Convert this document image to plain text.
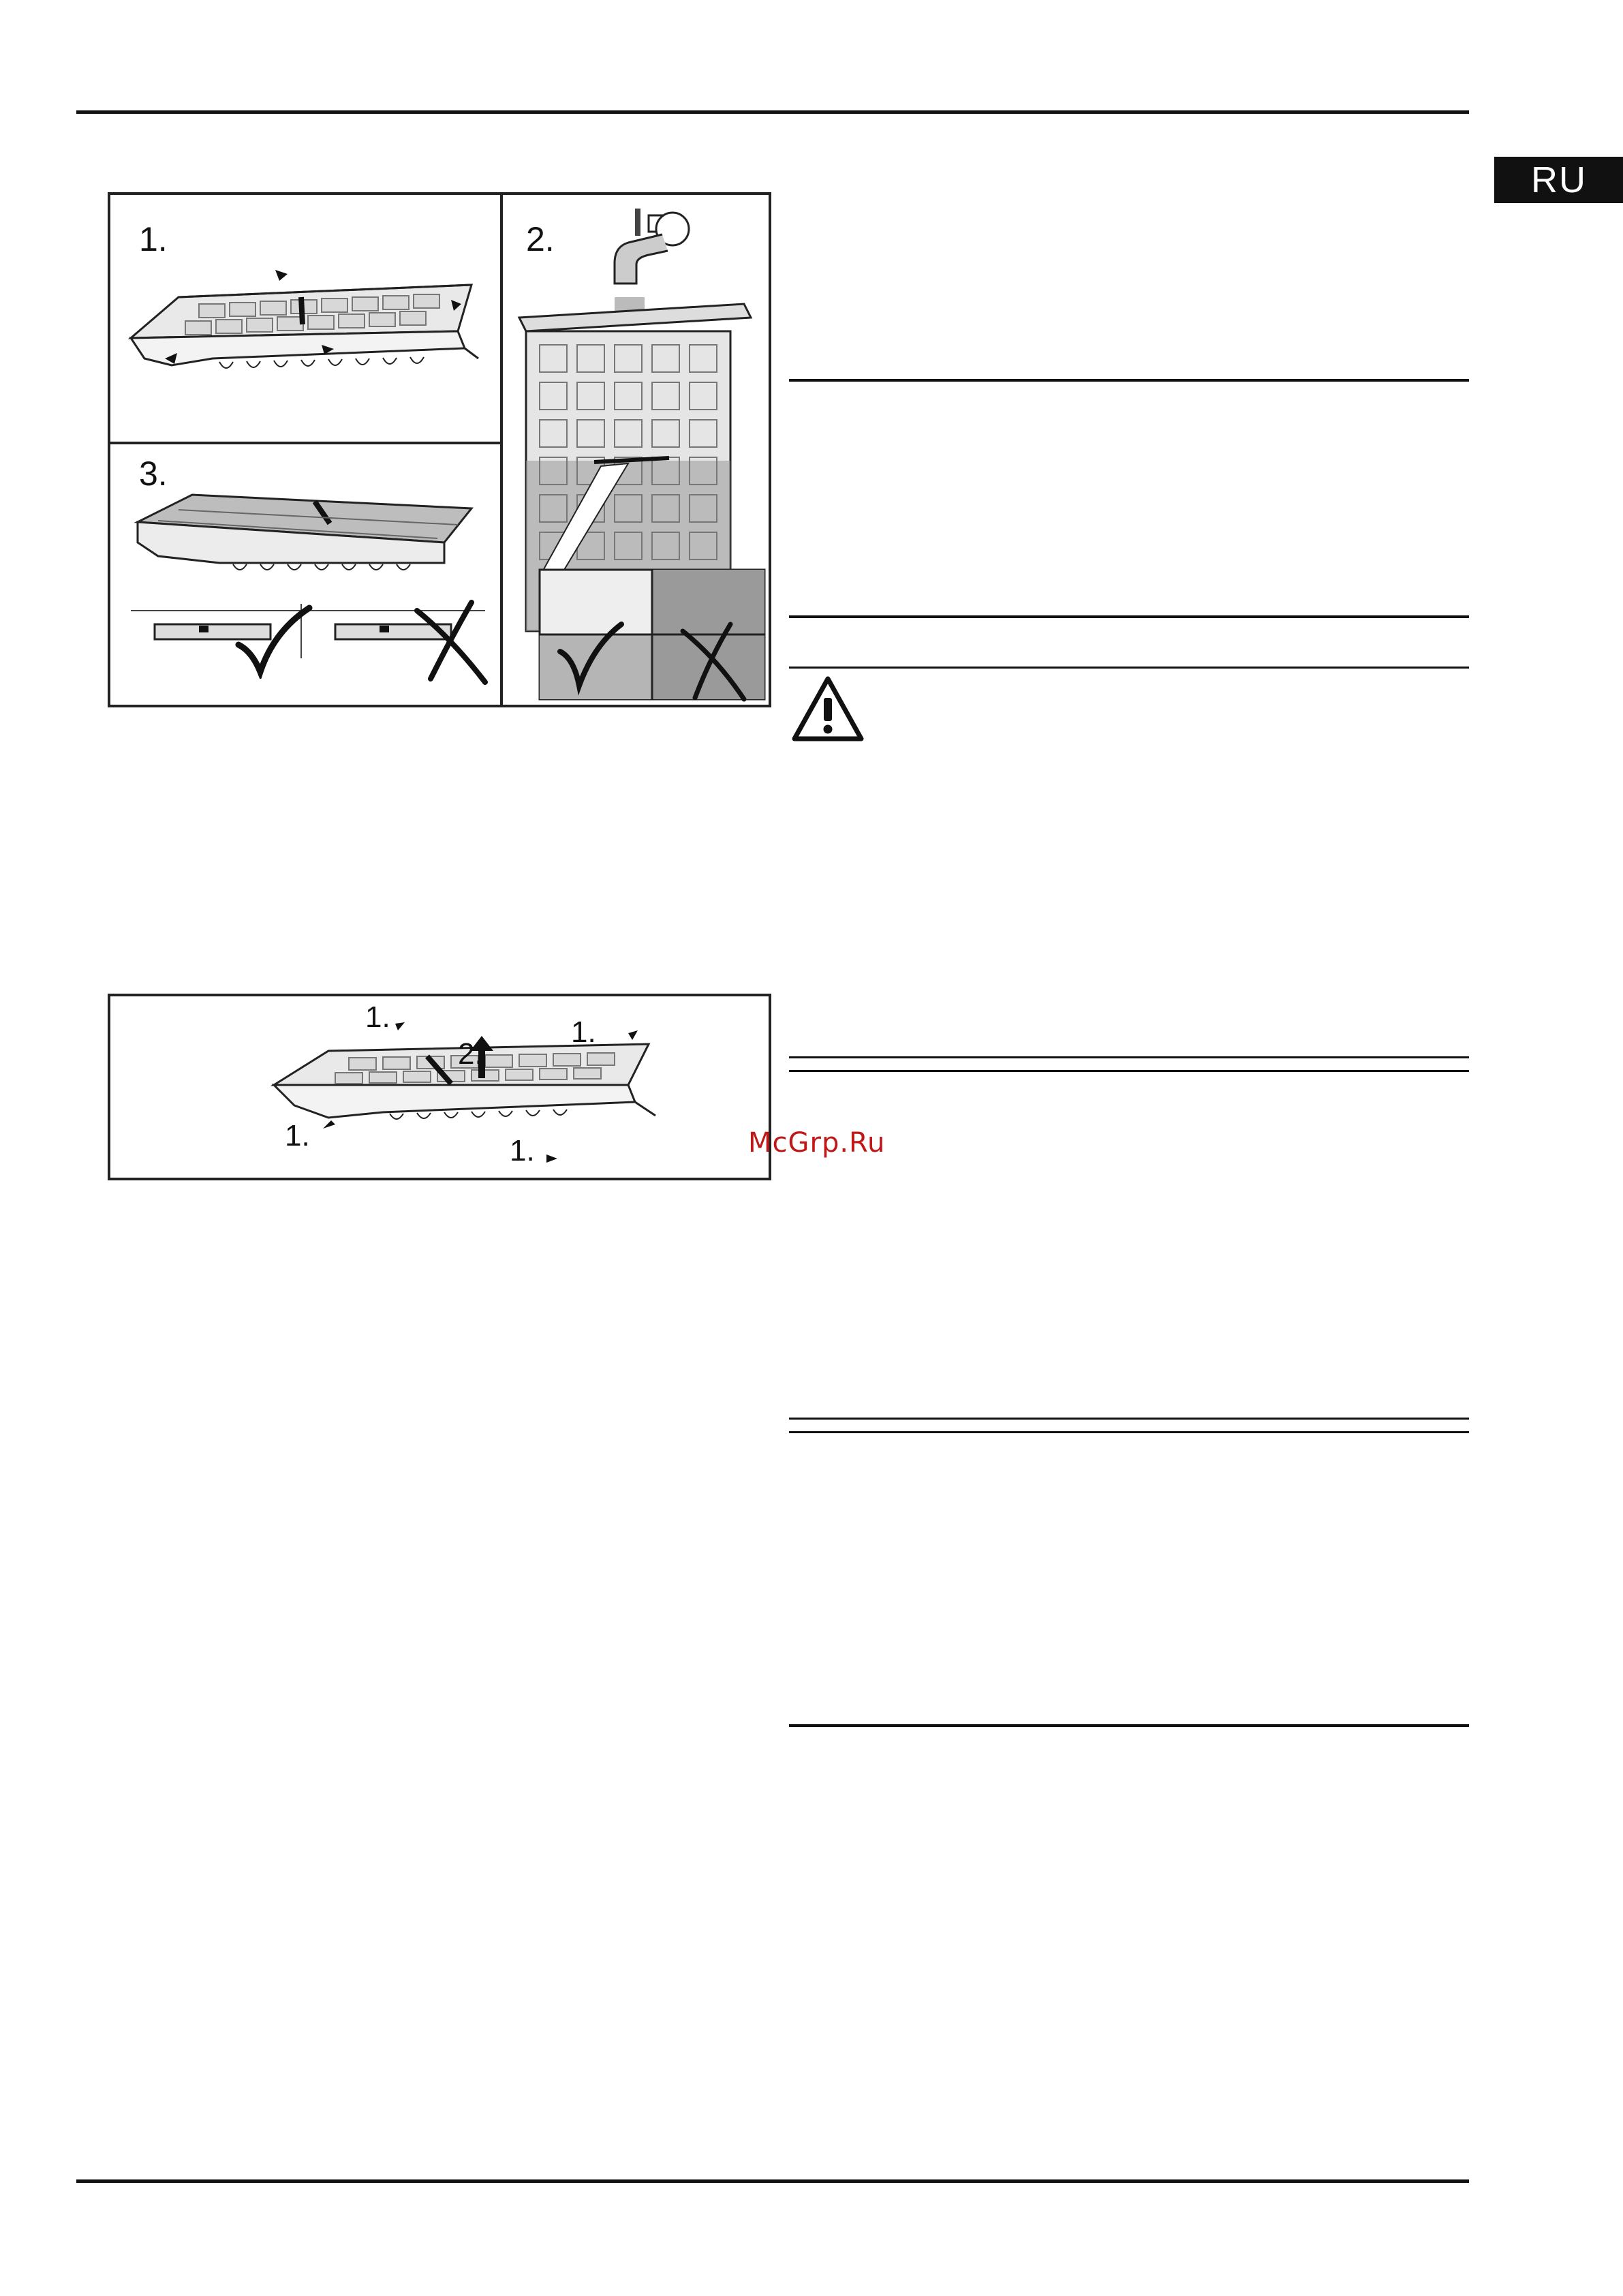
RU
1.	2.
3.
1.	1.
2.
1.	1.	McGrp.Ru
